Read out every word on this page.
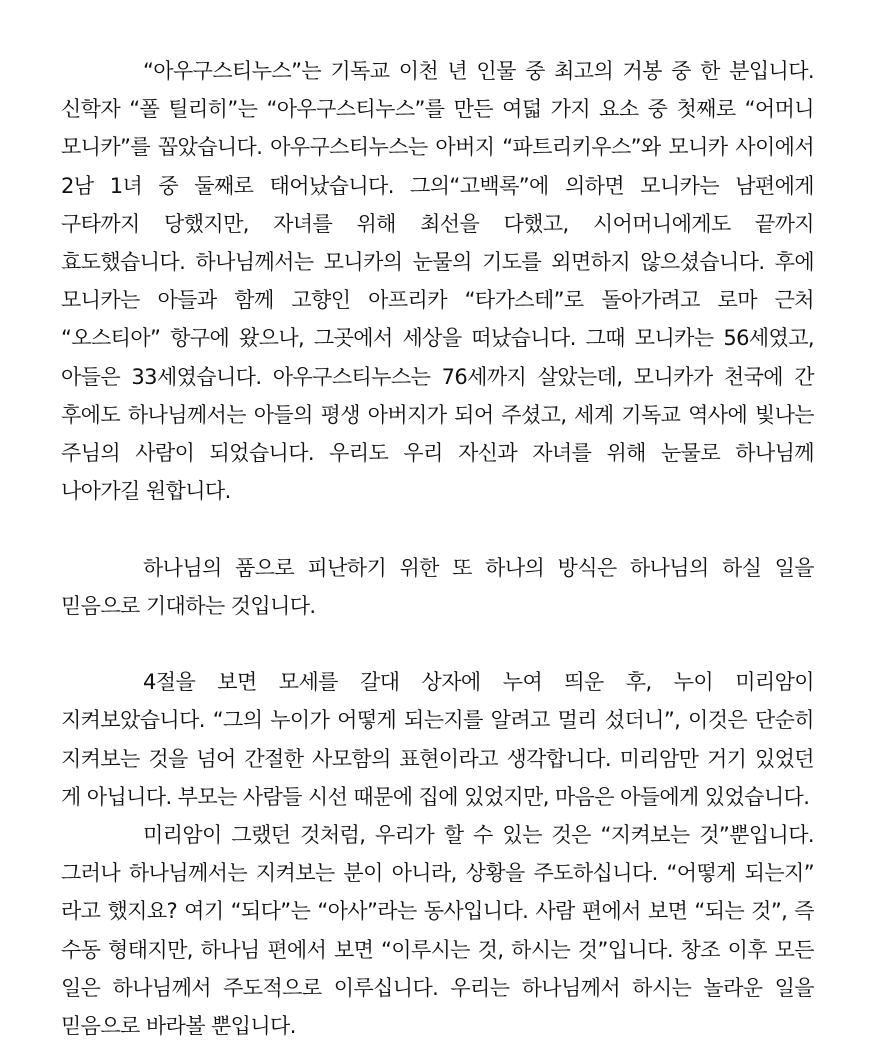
“아우구스티누스”는 기독교 이천 년 인물 중 최고의 거봉 중 한 분입니다. 신학자 “폴 틸리히”는 “아우구스티누스”를 만든 여덟 가지 요소 중 첫째로 “어머니 모니카”를 꼽았습니다. 아우구스티누스는 아버지 “파트리키우스”와 모니카 사이에서 2남 1녀 중 둘째로 태어났습니다. 그의“고백록”에 의하면 모니카는 남편에게 구타까지 당했지만, 자녀를 위해 최선을 다했고, 시어머니에게도 끝까지 효도했습니다. 하나님께서는 모니카의 눈물의 기도를 외면하지 않으셨습니다. 후에 모니카는 아들과 함께 고향인 아프리카 “타가스테”로 돌아가려고 로마 근처 “오스티아” 항구에 왔으나, 그곳에서 세상을 떠났습니다. 그때 모니카는 56세였고, 아들은 33세였습니다. 아우구스티누스는 76세까지 살았는데, 모니카가 천국에 간 후에도 하나님께서는 아들의 평생 아버지가 되어 주셨고, 세계 기독교 역사에 빛나는 주님의 사람이 되었습니다. 우리도 우리 자신과 자녀를 위해 눈물로 하나님께 나아가길 원합니다.

하나님의 품으로 피난하기 위한 또 하나의 방식은 하나님의 하실 일을 믿음으로 기대하는 것입니다.

4절을 보면 모세를 갈대 상자에 누여 띄운 후, 누이 미리암이 지켜보았습니다. “그의 누이가 어떻게 되는지를 알려고 멀리 섰더니”, 이것은 단순히 지켜보는 것을 넘어 간절한 사모함의 표현이라고 생각합니다. 미리암만 거기 있었던 게 아닙니다. 부모는 사람들 시선 때문에 집에 있었지만, 마음은 아들에게 있었습니다.

미리암이 그랬던 것처럼, 우리가 할 수 있는 것은 “지켜보는 것”뿐입니다. 그러나 하나님께서는 지켜보는 분이 아니라, 상황을 주도하십니다. “어떻게 되는지” 라고 했지요? 여기 “되다”는 “아사”라는 동사입니다. 사람 편에서 보면 “되는 것”, 즉 수동 형태지만, 하나님 편에서 보면 “이루시는 것, 하시는 것”입니다. 창조 이후 모든 일은 하나님께서 주도적으로 이루십니다. 우리는 하나님께서 하시는 놀라운 일을 믿음으로 바라볼 뿐입니다.
